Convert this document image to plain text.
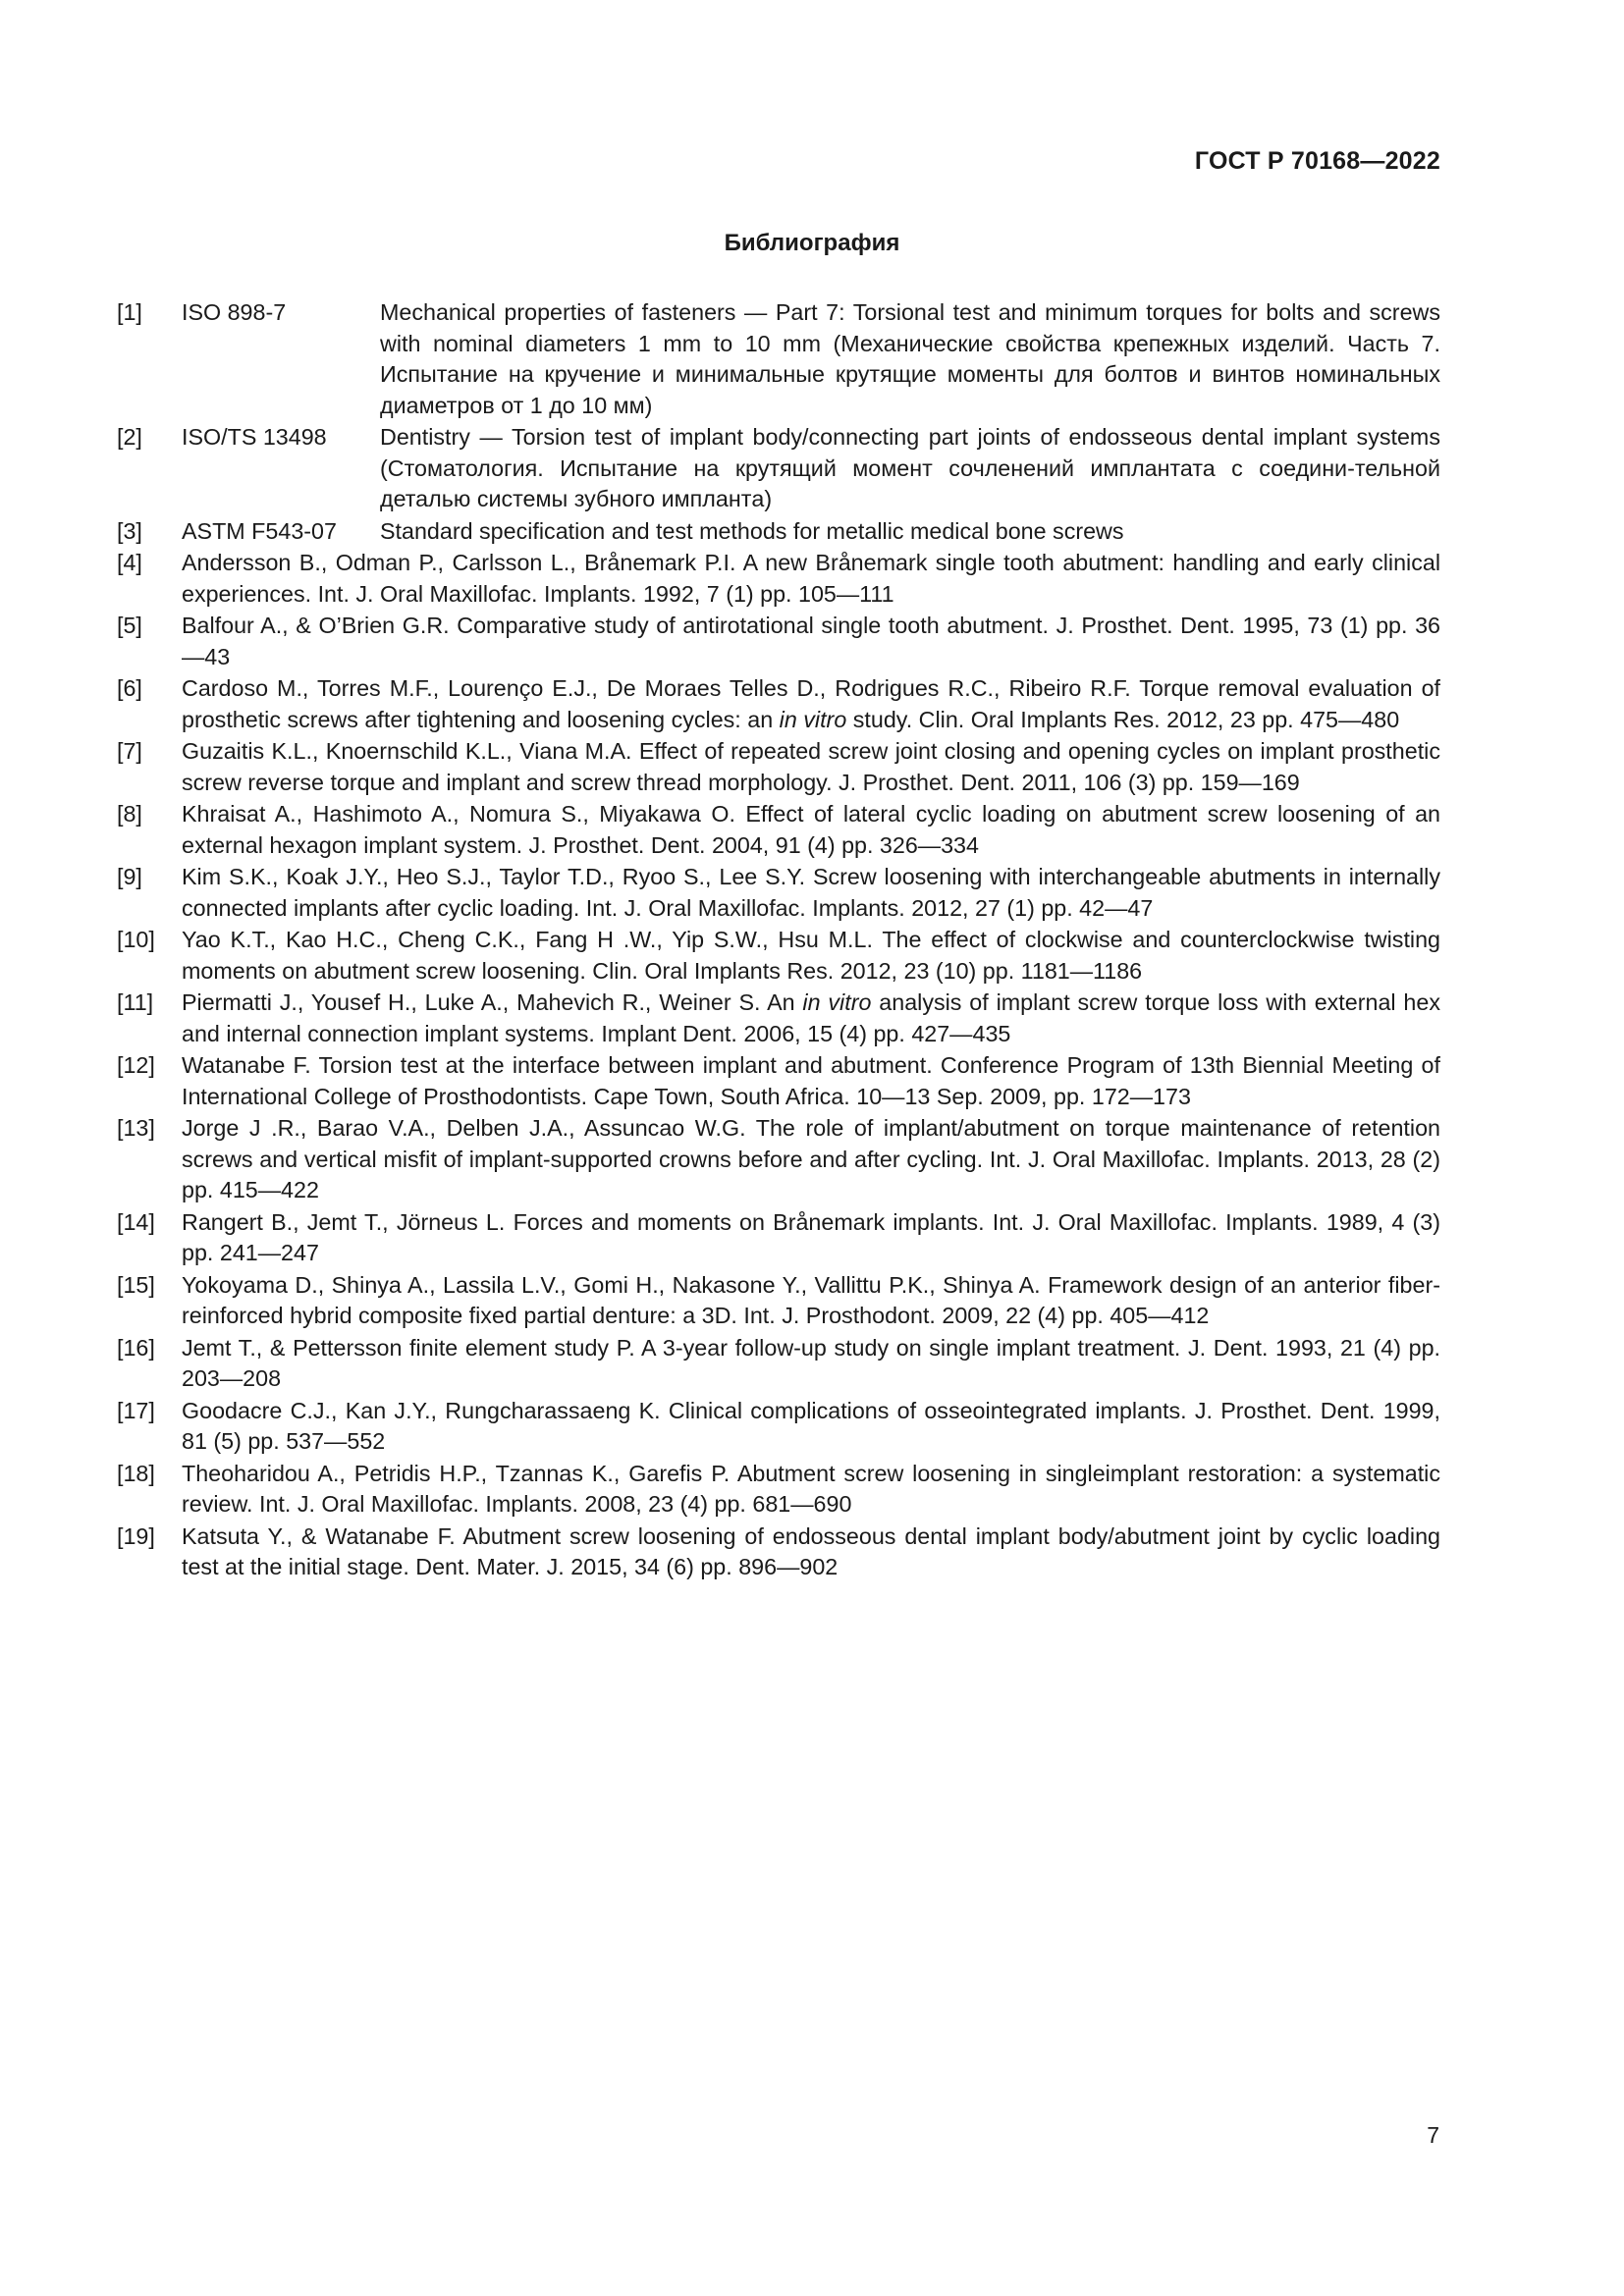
ГОСТ Р 70168—2022
Библиография
[1] ISO 898-7	Mechanical properties of fasteners — Part 7: Torsional test and minimum torques for bolts and screws with nominal diameters 1 mm to 10 mm (Механические свойства крепежных изделий. Часть 7. Испытание на кручение и минимальные крутящие моменты для болтов и винтов номинальных диаметров от 1 до 10 мм)
[2] ISO/TS 13498 Dentistry — Torsion test of implant body/connecting part joints of endosseous dental implant systems (Стоматология. Испытание на крутящий момент сочленений имплантата с соедини-тельной деталью системы зубного имплантa)
[3] ASTM F543-07 Standard specification and test methods for metallic medical bone screws
[4] Andersson B., Odman P., Carlsson L., Brånemark P.I. A new Brånemark single tooth abutment: handling and early clinical experiences. Int. J. Oral Maxillofac. Implants. 1992, 7 (1) pp. 105—111
[5] Balfour A., & O’Brien G.R. Comparative study of antirotational single tooth abutment. J. Prosthet. Dent. 1995, 73 (1) pp. 36—43
[6] Cardoso M., Torres M.F., Lourenço E.J., De Moraes Telles D., Rodrigues R.C., Ribeiro R.F. Torque removal evaluation of prosthetic screws after tightening and loosening cycles: an in vitro study. Clin. Oral Implants Res. 2012, 23 pp. 475—480
[7] Guzaitis K.L., Knoernschild K.L., Viana M.A. Effect of repeated screw joint closing and opening cycles on implant prosthetic screw reverse torque and implant and screw thread morphology. J. Prosthet. Dent. 2011, 106 (3) pp. 159—169
[8] Khraisat A., Hashimoto A., Nomura S., Miyakawa O. Effect of lateral cyclic loading on abutment screw loosening of an external hexagon implant system. J. Prosthet. Dent. 2004, 91 (4) pp. 326—334
[9] Kim S.K., Koak J.Y., Heo S.J., Taylor T.D., Ryoo S., Lee S.Y. Screw loosening with interchangeable abutments in internally connected implants after cyclic loading. Int. J. Oral Maxillofac. Implants. 2012, 27 (1) pp. 42—47
[10] Yao K.T., Kao H.C., Cheng C.K., Fang H .W., Yip S.W., Hsu M.L. The effect of clockwise and counterclockwise twisting moments on abutment screw loosening. Clin. Oral Implants Res. 2012, 23 (10) pp. 1181—1186
[11] Piermatti J., Yousef H., Luke A., Mahevich R., Weiner S. An in vitro analysis of implant screw torque loss with external hex and internal connection implant systems. Implant Dent. 2006, 15 (4) pp. 427—435
[12] Watanabe F. Torsion test at the interface between implant and abutment. Conference Program of 13th Biennial Meeting of International College of Prosthodontists. Cape Town, South Africa. 10—13 Sep. 2009, pp. 172—173
[13] Jorge J .R., Barao V.A., Delben J.A., Assuncao W.G. The role of implant/abutment on torque maintenance of retention screws and vertical misfit of implant-supported crowns before and after cycling. Int. J. Oral Maxillofac. Implants. 2013, 28 (2) pp. 415—422
[14] Rangert B., Jemt T., Jörneus L. Forces and moments on Brånemark implants. Int. J. Oral Maxillofac. Implants. 1989, 4 (3) pp. 241—247
[15] Yokoyama D., Shinya A., Lassila L.V., Gomi H., Nakasone Y., Vallittu P.K., Shinya A. Framework design of an anterior fiber-reinforced hybrid composite fixed partial denture: a 3D. Int. J. Prosthodont. 2009, 22 (4) pp. 405—412
[16] Jemt T., & Pettersson finite element study P. A 3-year follow-up study on single implant treatment. J. Dent. 1993, 21 (4) pp. 203—208
[17] Goodacre C.J., Kan J.Y., Rungcharassaeng K. Clinical complications of osseointegrated implants. J. Prosthet. Dent. 1999, 81 (5) pp. 537—552
[18] Theoharidou A., Petridis H.P., Tzannas K., Garefis P. Abutment screw loosening in singleimplant restoration: a systematic review. Int. J. Oral Maxillofac. Implants. 2008, 23 (4) pp. 681—690
[19] Katsuta Y., & Watanabe F. Abutment screw loosening of endosseous dental implant body/abutment joint by cyclic loading test at the initial stage. Dent. Mater. J. 2015, 34 (6) pp. 896—902
7
